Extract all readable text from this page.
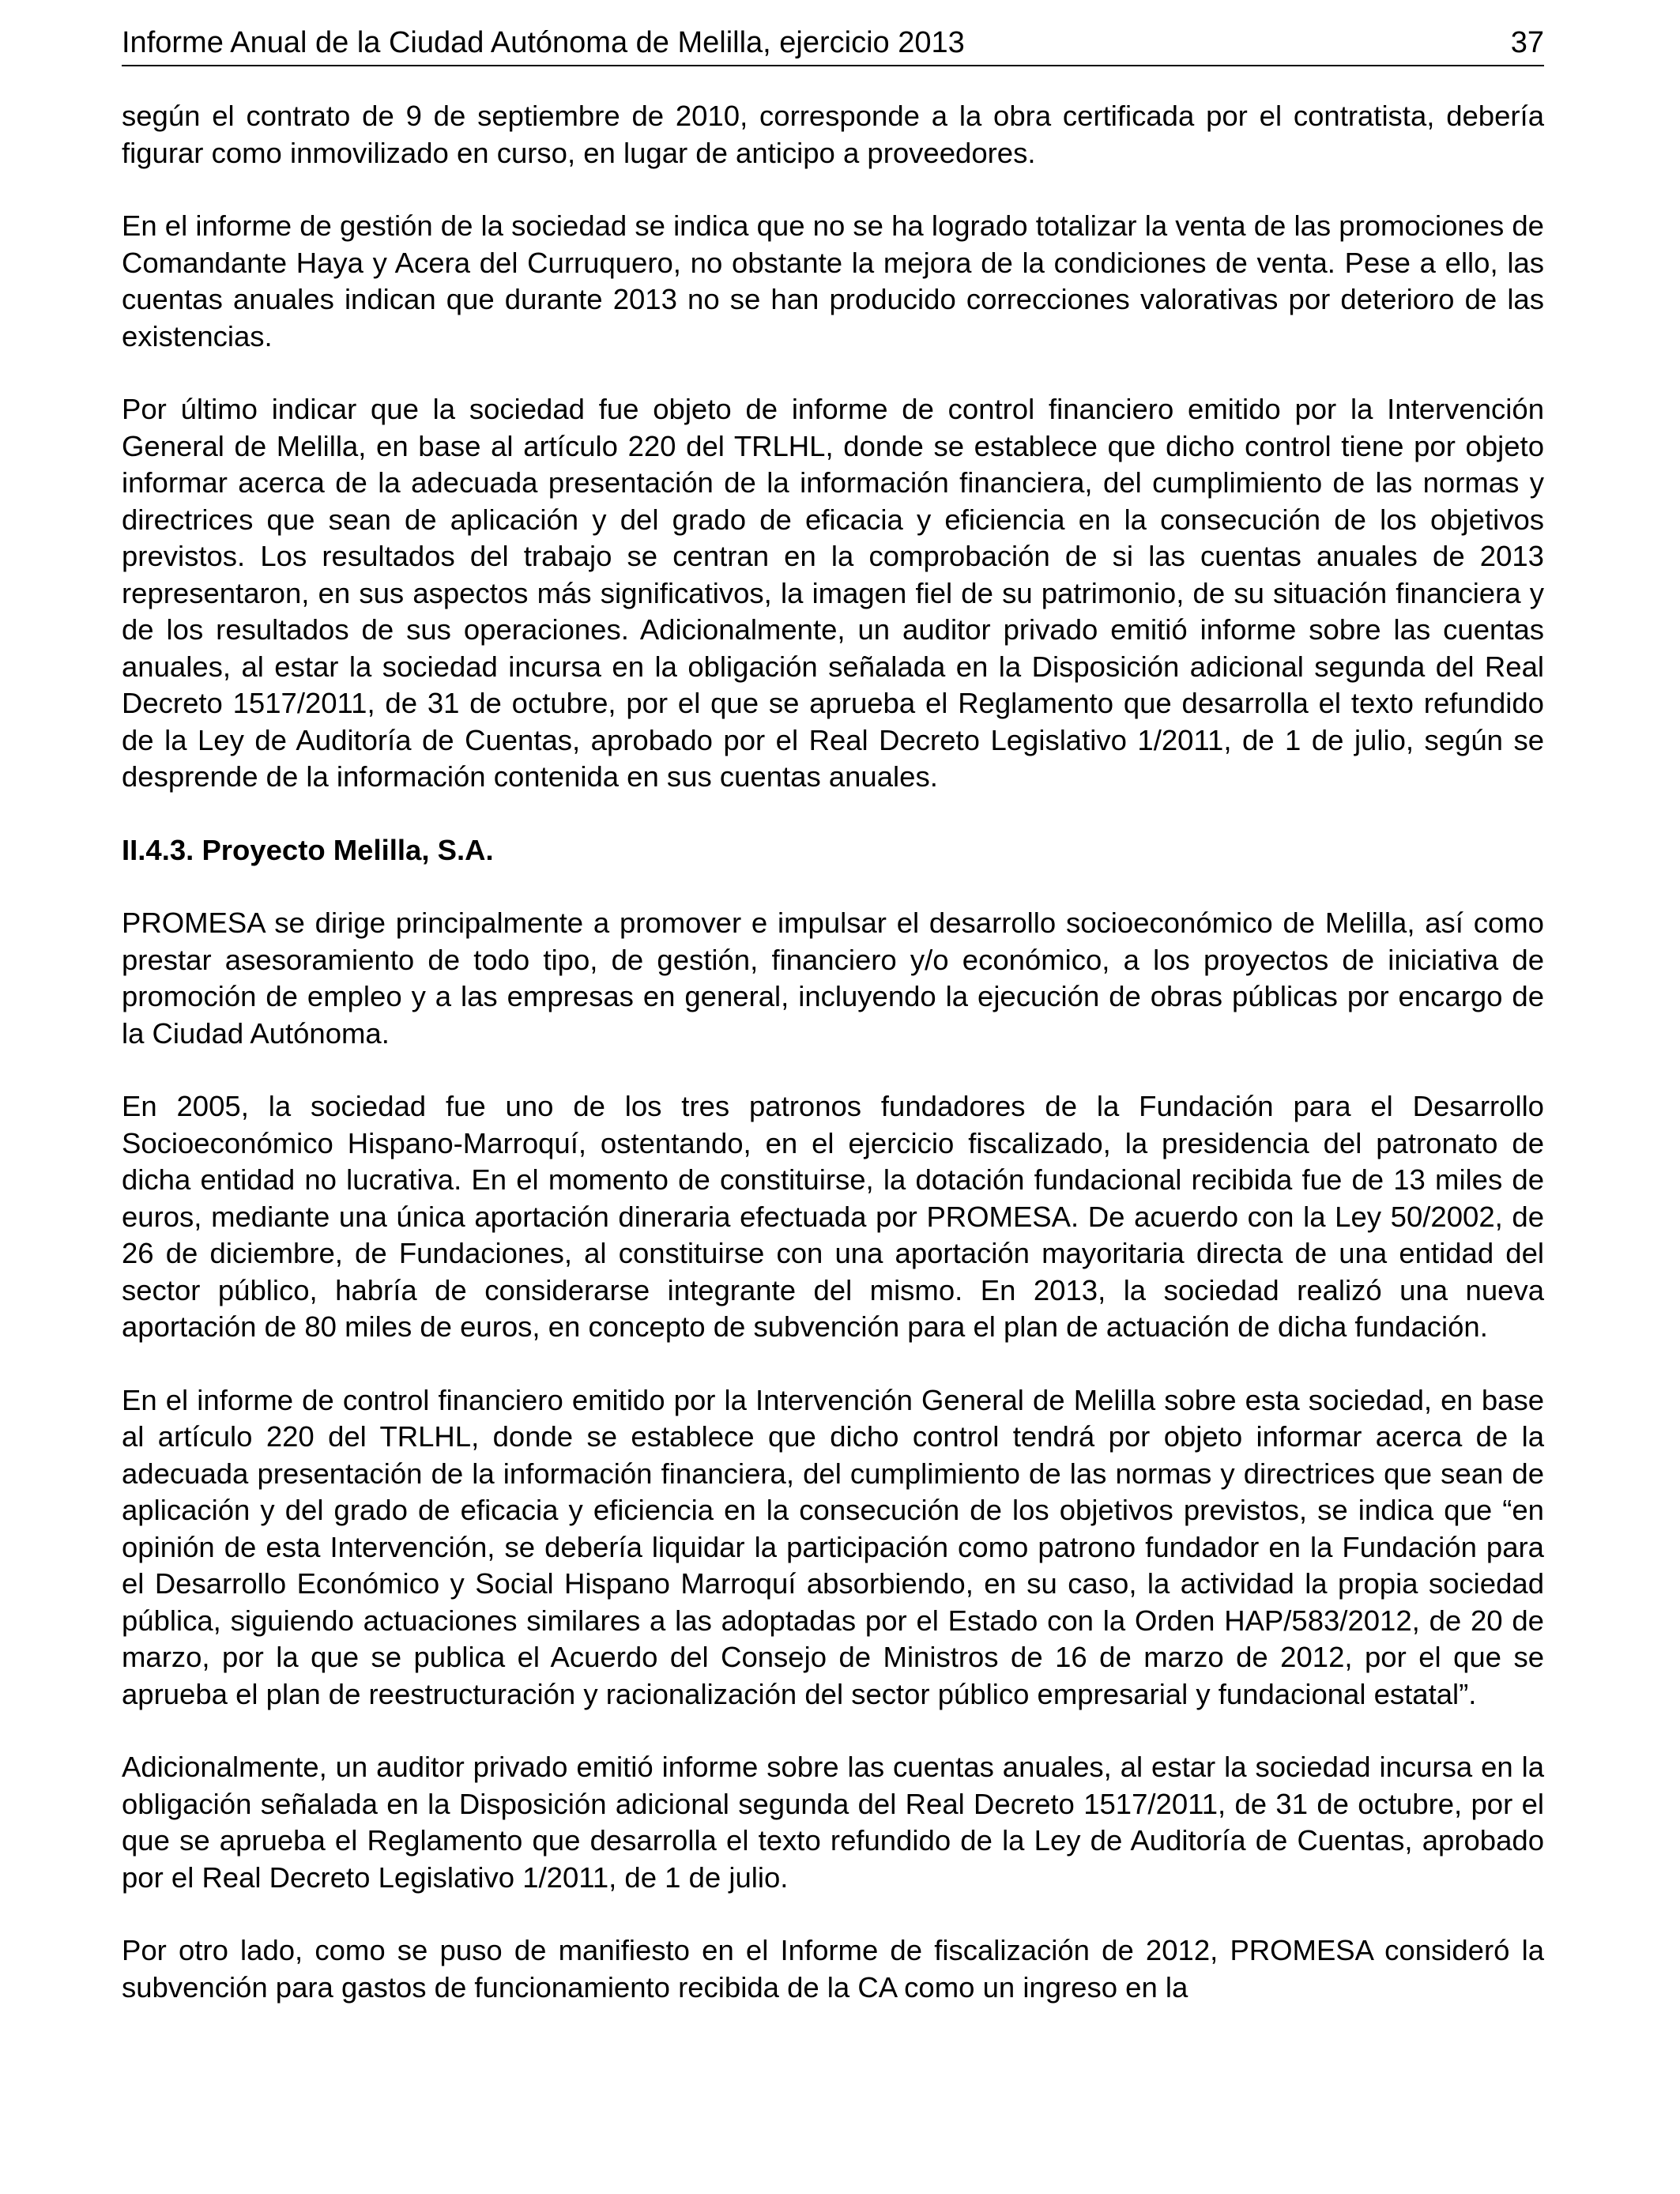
Informe Anual de la Ciudad Autónoma de Melilla, ejercicio 2013	37

según el contrato de 9 de septiembre de 2010, corresponde a la obra certificada por el contratista, debería figurar como inmovilizado en curso, en lugar de anticipo a proveedores.

En el informe de gestión de la sociedad se indica que no se ha logrado totalizar la venta de las promociones de Comandante Haya y Acera del Curruquero, no obstante la mejora de la condiciones de venta. Pese a ello, las cuentas anuales indican que durante 2013 no se han producido correcciones valorativas por deterioro de las existencias.

Por último indicar que la sociedad fue objeto de informe de control financiero emitido por la Intervención General de Melilla, en base al artículo 220 del TRLHL, donde se establece que dicho control tiene por objeto informar acerca de la adecuada presentación de la información financiera, del cumplimiento de las normas y directrices que sean de aplicación y del grado de eficacia y eficiencia en la consecución de los objetivos previstos. Los resultados del trabajo se centran en la comprobación de si las cuentas anuales de 2013 representaron, en sus aspectos más significativos, la imagen fiel de su patrimonio, de su situación financiera y de los resultados de sus operaciones. Adicionalmente, un auditor privado emitió informe sobre las cuentas anuales, al estar la sociedad incursa en la obligación señalada en la Disposición adicional segunda del Real Decreto 1517/2011, de 31 de octubre, por el que se aprueba el Reglamento que desarrolla el texto refundido de la Ley de Auditoría de Cuentas, aprobado por el Real Decreto Legislativo 1/2011, de 1 de julio, según se desprende de la información contenida en sus cuentas anuales.

II.4.3. Proyecto Melilla, S.A.

PROMESA se dirige principalmente a promover e impulsar el desarrollo socioeconómico de Melilla, así como prestar asesoramiento de todo tipo, de gestión, financiero y/o económico, a los proyectos de iniciativa de promoción de empleo y a las empresas en general, incluyendo la ejecución de obras públicas por encargo de la Ciudad Autónoma.

En 2005, la sociedad fue uno de los tres patronos fundadores de la Fundación para el Desarrollo Socioeconómico Hispano-Marroquí, ostentando, en el ejercicio fiscalizado, la presidencia del patronato de dicha entidad no lucrativa. En el momento de constituirse, la dotación fundacional recibida fue de 13 miles de euros, mediante una única aportación dineraria efectuada por PROMESA. De acuerdo con la Ley 50/2002, de 26 de diciembre, de Fundaciones, al constituirse con una aportación mayoritaria directa de una entidad del sector público, habría de considerarse integrante del mismo. En 2013, la sociedad realizó una nueva aportación de 80 miles de euros, en concepto de subvención para el plan de actuación de dicha fundación.

En el informe de control financiero emitido por la Intervención General de Melilla sobre esta sociedad, en base al artículo 220 del TRLHL, donde se establece que dicho control tendrá por objeto informar acerca de la adecuada presentación de la información financiera, del cumplimiento de las normas y directrices que sean de aplicación y del grado de eficacia y eficiencia en la consecución de los objetivos previstos, se indica que “en opinión de esta Intervención, se debería liquidar la participación como patrono fundador en la Fundación para el Desarrollo Económico y Social Hispano Marroquí absorbiendo, en su caso, la actividad la propia sociedad pública, siguiendo actuaciones similares a las adoptadas por el Estado con la Orden HAP/583/2012, de 20 de marzo, por la que se publica el Acuerdo del Consejo de Ministros de 16 de marzo de 2012, por el que se aprueba el plan de reestructuración y racionalización del sector público empresarial y fundacional estatal”.

Adicionalmente, un auditor privado emitió informe sobre las cuentas anuales, al estar la sociedad incursa en la obligación señalada en la Disposición adicional segunda del Real Decreto 1517/2011, de 31 de octubre, por el que se aprueba el Reglamento que desarrolla el texto refundido de la Ley de Auditoría de Cuentas, aprobado por el Real Decreto Legislativo 1/2011, de 1 de julio.

Por otro lado, como se puso de manifiesto en el Informe de fiscalización de 2012, PROMESA consideró la subvención para gastos de funcionamiento recibida de la CA como un ingreso en la
